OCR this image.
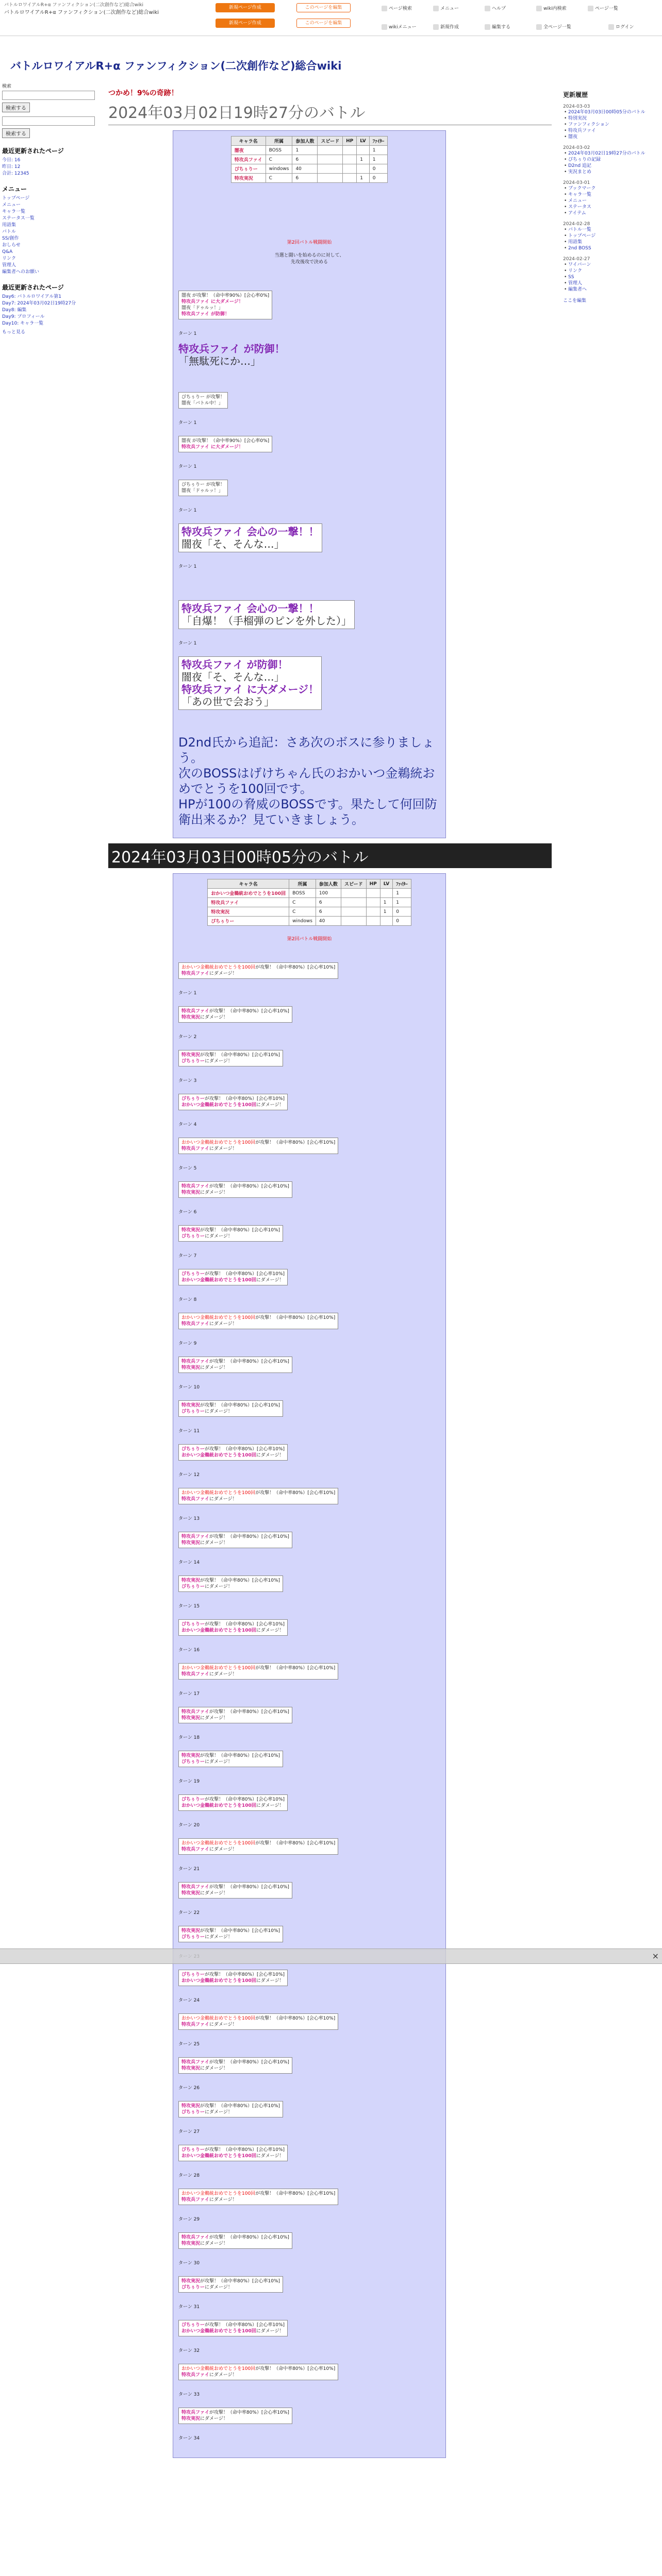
バトルロワイアルR+α ファンフィクション(二次創作など)総合wiki
バトルロワイアルR+α ファンフィクション(二次創作など)総合wiki
新規ページ作成
新規ページ作成
このページを編集
このページを編集
ページ検索	メニュー	ヘルプ	wiki内検索	ページ一覧
wikiメニュー	新規作成	編集する	全ページ一覧	ログイン
バトルロワイアルR+α ファンフィクション(二次創作など)総合wiki
検索
検索する
検索する
最近更新されたページ
今日: 16
昨日: 12
合計: 12345
メニュー
トップページ
メニュー
キャラ一覧
ステータス一覧
用語集
バトル
SS/創作
おしらせ
Q&A
リンク
管理人
編集者へのお願い
最近更新されたページ
Day6: バトルロワイアル第1
Day7: 2024年03月02日19時27分
Day8: 編集
Day9: プロフィール
Day10: キャラ一覧
もっと見る
更新履歴
2024-03-03
• 2024年03月03日00時05分のバトル
• 特別実況
• ファンフィクション
• 特攻兵ファイ
• 闇夜
2024-03-02
• 2024年03月02日19時27分のバトル
• ぴちぅりの記録
• D2nd 追記
• 実況まとめ
2024-03-01
• ブックマーク
• キャラ一覧
• メニュー
• ステータス
• アイテム
2024-02-28
• バトル一覧
• トップページ
• 用語集
• 2nd BOSS
2024-02-27
• ワイバーン
• リンク
• SS
• 管理人
• 編集者へ
ここを編集
つかめ！9%の奇跡！
2024年03月02日19時27分のバトル
キャラ名	所属	参加人数	スピード	HP	LV	ﾌｧｲﾀｰ
闇夜	BOSS	1				1
特攻兵ファイ	C	6			1	1
ぴちぅりー	windows	40				0
特攻実況	C	6			1	0
第2回バトル戦闘開始
当選と闘いを始めるのに対して、
先攻後攻で決める
闇夜 が攻撃！（命中率90%）[会心率0%]
特攻兵ファイ に大ダメージ！
闇夜「ドゥルッ！」
特攻兵ファイ が防御！
ターン 1
特攻兵ファイ が防御！
「無駄死にか…」
ぴちぅりー が攻撃！
闇夜「バトル中！」
ターン 1
闇夜 が攻撃！（命中率90%）[会心率0%]
特攻兵ファイ に大ダメージ！
ターン 1
ぴちぅりー が攻撃！
闇夜「ドゥルッ！」
ターン 1
特攻兵ファイ 会心の一撃！！
闇夜「そ、そんな…」
ターン 1
特攻兵ファイ 会心の一撃！！
「自爆！（手榴弾のピンを外した）」
ターン 1
特攻兵ファイ が防御！
闇夜「そ、そんな…」
特攻兵ファイ に大ダメージ！
「あの世で会おう」
D2nd氏から追記：さあ次のボスに参りましょう。
次のBOSSはげけちゃん氏のおかいつ金鵜統おめでとうを100回です。
HPが100の脅威のBOSSです。果たして何回防衛出来るか？見ていきましょう。
2024年03月03日00時05分のバトル
キャラ名	所属	参加人数	スピード	HP	LV	ﾌｧｲﾀｰ
おかいつ金鵜統おめでとうを100回	BOSS	100				1
特攻兵ファイ	C	6			1	1
特攻実況	C	6			1	0
ぴちぅりー	windows	40				0
第2回バトル戦闘開始
おかいつ金鵜統おめでとうを100回が攻撃！（命中率80%）[会心率10%]
特攻兵ファイにダメージ！
ターン 1
特攻兵ファイが攻撃！（命中率80%）[会心率10%]
特攻実況にダメージ！
ターン 2
特攻実況が攻撃！（命中率80%）[会心率10%]
ぴちぅりーにダメージ！
ターン 3
ぴちぅりーが攻撃！（命中率80%）[会心率10%]
おかいつ金鵜統おめでとうを100回にダメージ！
ターン 4
おかいつ金鵜統おめでとうを100回が攻撃！（命中率80%）[会心率10%]
特攻兵ファイにダメージ！
ターン 5
特攻兵ファイが攻撃！（命中率80%）[会心率10%]
特攻実況にダメージ！
ターン 6
特攻実況が攻撃！（命中率80%）[会心率10%]
ぴちぅりーにダメージ！
ターン 7
ぴちぅりーが攻撃！（命中率80%）[会心率10%]
おかいつ金鵜統おめでとうを100回にダメージ！
ターン 8
おかいつ金鵜統おめでとうを100回が攻撃！（命中率80%）[会心率10%]
特攻兵ファイにダメージ！
ターン 9
特攻兵ファイが攻撃！（命中率80%）[会心率10%]
特攻実況にダメージ！
ターン 10
特攻実況が攻撃！（命中率80%）[会心率10%]
ぴちぅりーにダメージ！
ターン 11
ぴちぅりーが攻撃！（命中率80%）[会心率10%]
おかいつ金鵜統おめでとうを100回にダメージ！
ターン 12
おかいつ金鵜統おめでとうを100回が攻撃！（命中率80%）[会心率10%]
特攻兵ファイにダメージ！
ターン 13
特攻兵ファイが攻撃！（命中率80%）[会心率10%]
特攻実況にダメージ！
ターン 14
特攻実況が攻撃！（命中率80%）[会心率10%]
ぴちぅりーにダメージ！
ターン 15
ぴちぅりーが攻撃！（命中率80%）[会心率10%]
おかいつ金鵜統おめでとうを100回にダメージ！
ターン 16
おかいつ金鵜統おめでとうを100回が攻撃！（命中率80%）[会心率10%]
特攻兵ファイにダメージ！
ターン 17
特攻兵ファイが攻撃！（命中率80%）[会心率10%]
特攻実況にダメージ！
ターン 18
特攻実況が攻撃！（命中率80%）[会心率10%]
ぴちぅりーにダメージ！
ターン 19
ぴちぅりーが攻撃！（命中率80%）[会心率10%]
おかいつ金鵜統おめでとうを100回にダメージ！
ターン 20
おかいつ金鵜統おめでとうを100回が攻撃！（命中率80%）[会心率10%]
特攻兵ファイにダメージ！
ターン 21
特攻兵ファイが攻撃！（命中率80%）[会心率10%]
特攻実況にダメージ！
ターン 22
特攻実況が攻撃！（命中率80%）[会心率10%]
ぴちぅりーにダメージ！
ぴちぅりーが攻撃！（命中率80%）[会心率10%]
おかいつ金鵜統おめでとうを100回にダメージ！
ターン 24
おかいつ金鵜統おめでとうを100回が攻撃！（命中率80%）[会心率10%]
特攻兵ファイにダメージ！
ターン 25
特攻兵ファイが攻撃！（命中率80%）[会心率10%]
特攻実況にダメージ！
ターン 26
特攻実況が攻撃！（命中率80%）[会心率10%]
ぴちぅりーにダメージ！
ターン 27
ぴちぅりーが攻撃！（命中率80%）[会心率10%]
おかいつ金鵜統おめでとうを100回にダメージ！
ターン 28
おかいつ金鵜統おめでとうを100回が攻撃！（命中率80%）[会心率10%]
特攻兵ファイにダメージ！
ターン 29
特攻兵ファイが攻撃！（命中率80%）[会心率10%]
特攻実況にダメージ！
ターン 30
特攻実況が攻撃！（命中率80%）[会心率10%]
ぴちぅりーにダメージ！
ターン 31
ぴちぅりーが攻撃！（命中率80%）[会心率10%]
おかいつ金鵜統おめでとうを100回にダメージ！
ターン 32
おかいつ金鵜統おめでとうを100回が攻撃！（命中率80%）[会心率10%]
特攻兵ファイにダメージ！
ターン 33
特攻兵ファイが攻撃！（命中率80%）[会心率10%]
特攻実況にダメージ！
ターン 34
×
